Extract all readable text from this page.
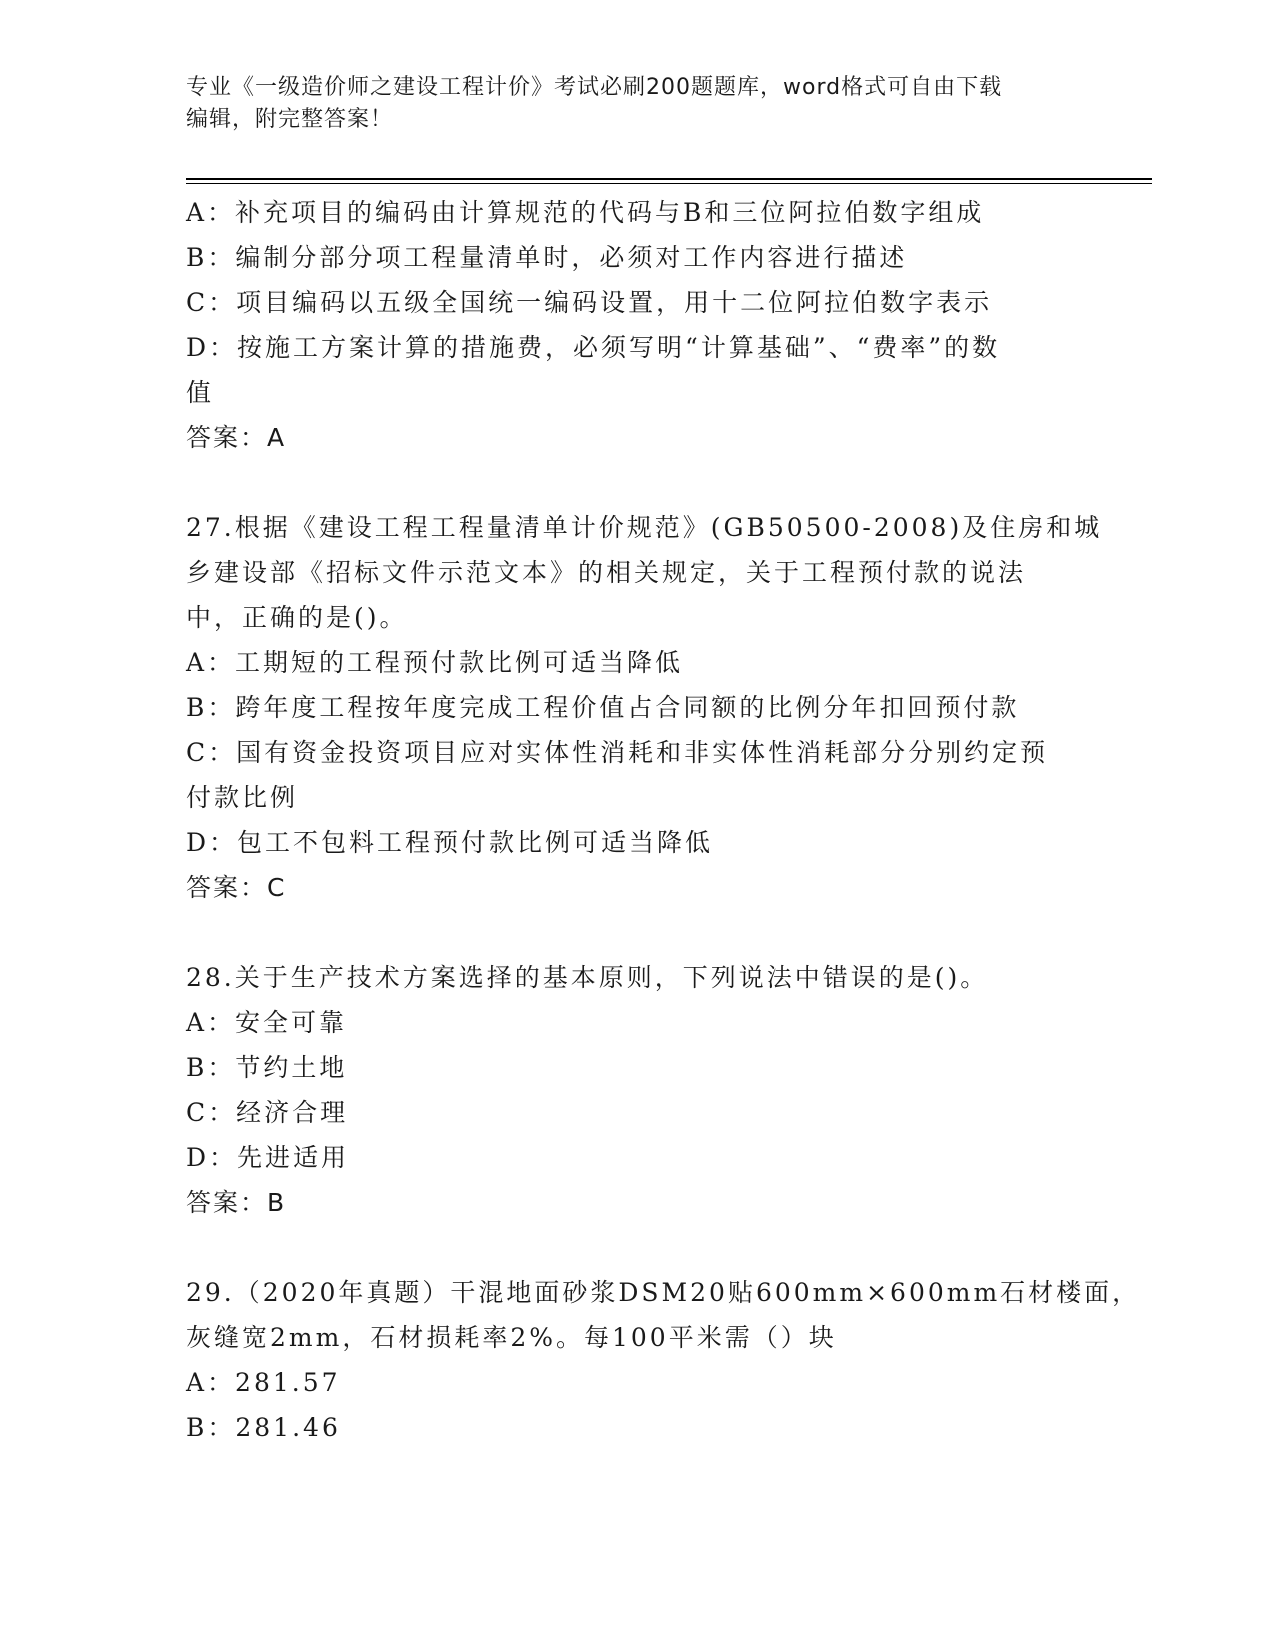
专业《一级造价师之建设工程计价》考试必刷200题题库，word格式可自由下载
编辑，附完整答案！
A：补充项目的编码由计算规范的代码与B和三位阿拉伯数字组成
B：编制分部分项工程量清单时，必须对工作内容进行描述
C：项目编码以五级全国统一编码设置，用十二位阿拉伯数字表示
D：按施工方案计算的措施费，必须写明“计算基础”、“费率”的数
值
答案：A
27.根据《建设工程工程量清单计价规范》(GB50500-2008)及住房和城
乡建设部《招标文件示范文本》的相关规定，关于工程预付款的说法
中，正确的是()。
A：工期短的工程预付款比例可适当降低
B：跨年度工程按年度完成工程价值占合同额的比例分年扣回预付款
C：国有资金投资项目应对实体性消耗和非实体性消耗部分分别约定预
付款比例
D：包工不包料工程预付款比例可适当降低
答案：C
28.关于生产技术方案选择的基本原则，下列说法中错误的是()。
A：安全可靠
B：节约土地
C：经济合理
D：先进适用
答案：B
29.（2020年真题）干混地面砂浆DSM20贴600mm×600mm石材楼面，
灰缝宽2mm，石材损耗率2%。每100平米需（）块
A：281.57
B：281.46
